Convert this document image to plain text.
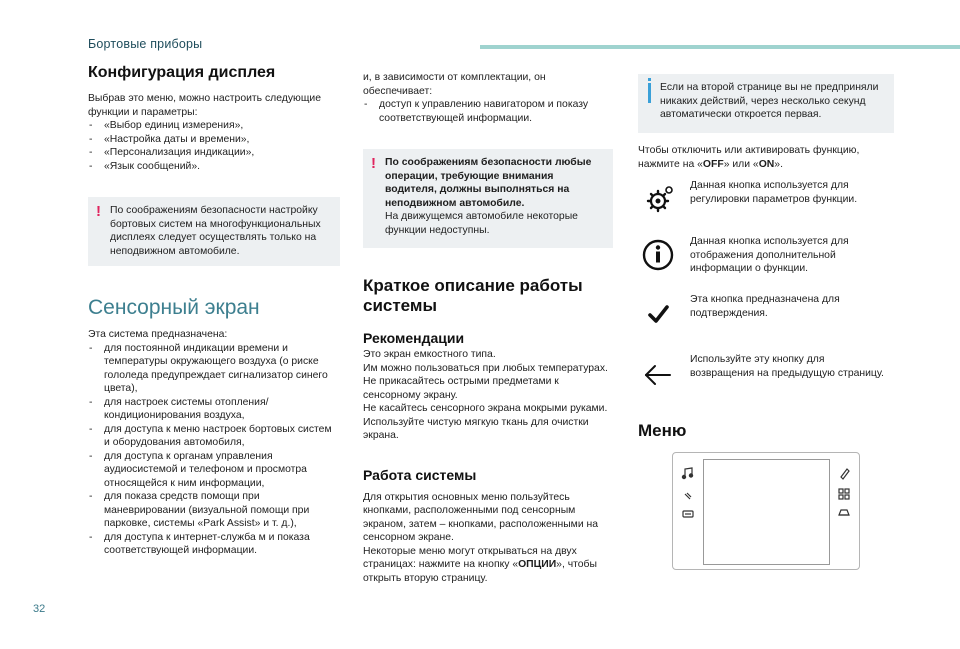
Бортовые приборы
Конфигурация дисплея

Выбрав это меню, можно настроить следующие функции и параметры:

- «Выбор единиц измерения»,
- «Настройка даты и времени»,
- «Персонализация индикации»,
- «Язык сообщений».
! По соображениям безопасности настройку бортовых систем на многофункциональных дисплеях следует осуществлять только на неподвижном автомобиле.

Сенсорный экран

Эта система предназначена:

- для постоянной индикации времени и температуры окружающего воздуха (о риске гололеда предупреждает сигнализатор синего цвета),
- для настроек системы отопления/кондиционирования воздуха,
- для доступа к меню настроек бортовых систем и оборудования автомобиля,
- для доступа к органам управления аудиосистемой и телефоном и просмотра относящейся к ним информации,
- для показа средств помощи при маневрировании (визуальной помощи при парковке, системы «Park Assist» и т. д.),
- для доступа к интернет-служба м и показа соответствующей информации.

и, в зависимости от комплектации, он обеспечивает:

- доступ к управлению навигатором и показу соответствующей информации.
! По соображениям безопасности любые операции, требующие внимания водителя, должны выполняться на неподвижном автомобиле.

На движущемся автомобиле некоторые функции недоступны.

Краткое описание работы системы
Рекомендации

Это экран емкостного типа.

Им можно пользоваться при любых температурах.

Не прикасайтесь острыми предметами к сенсорному экрану.

Не касайтесь сенсорного экрана мокрыми руками.

Используйте чистую мягкую ткань для очистки экрана.

Работа системы

Для открытия основных меню пользуйтесь кнопками, расположенными под сенсорным экраном, затем – кнопками, расположенными на сенсорном экране.

Некоторые меню могут открываться на двух страницах: нажмите на кнопку «ОПЦИИ», чтобы открыть вторую страницу.

Если на второй странице вы не предприняли никаких действий, через несколько секунд автоматически откроется первая.

Чтобы отключить или активировать функцию, нажмите на «OFF» или «ON».

Данная кнопка используется для регулировки параметров функции.

Данная кнопка используется для отображения дополнительной информации о функции.

Эта кнопка предназначена для подтверждения.

Используйте эту кнопку для возвращения на предыдущую страницу.

Меню
32
